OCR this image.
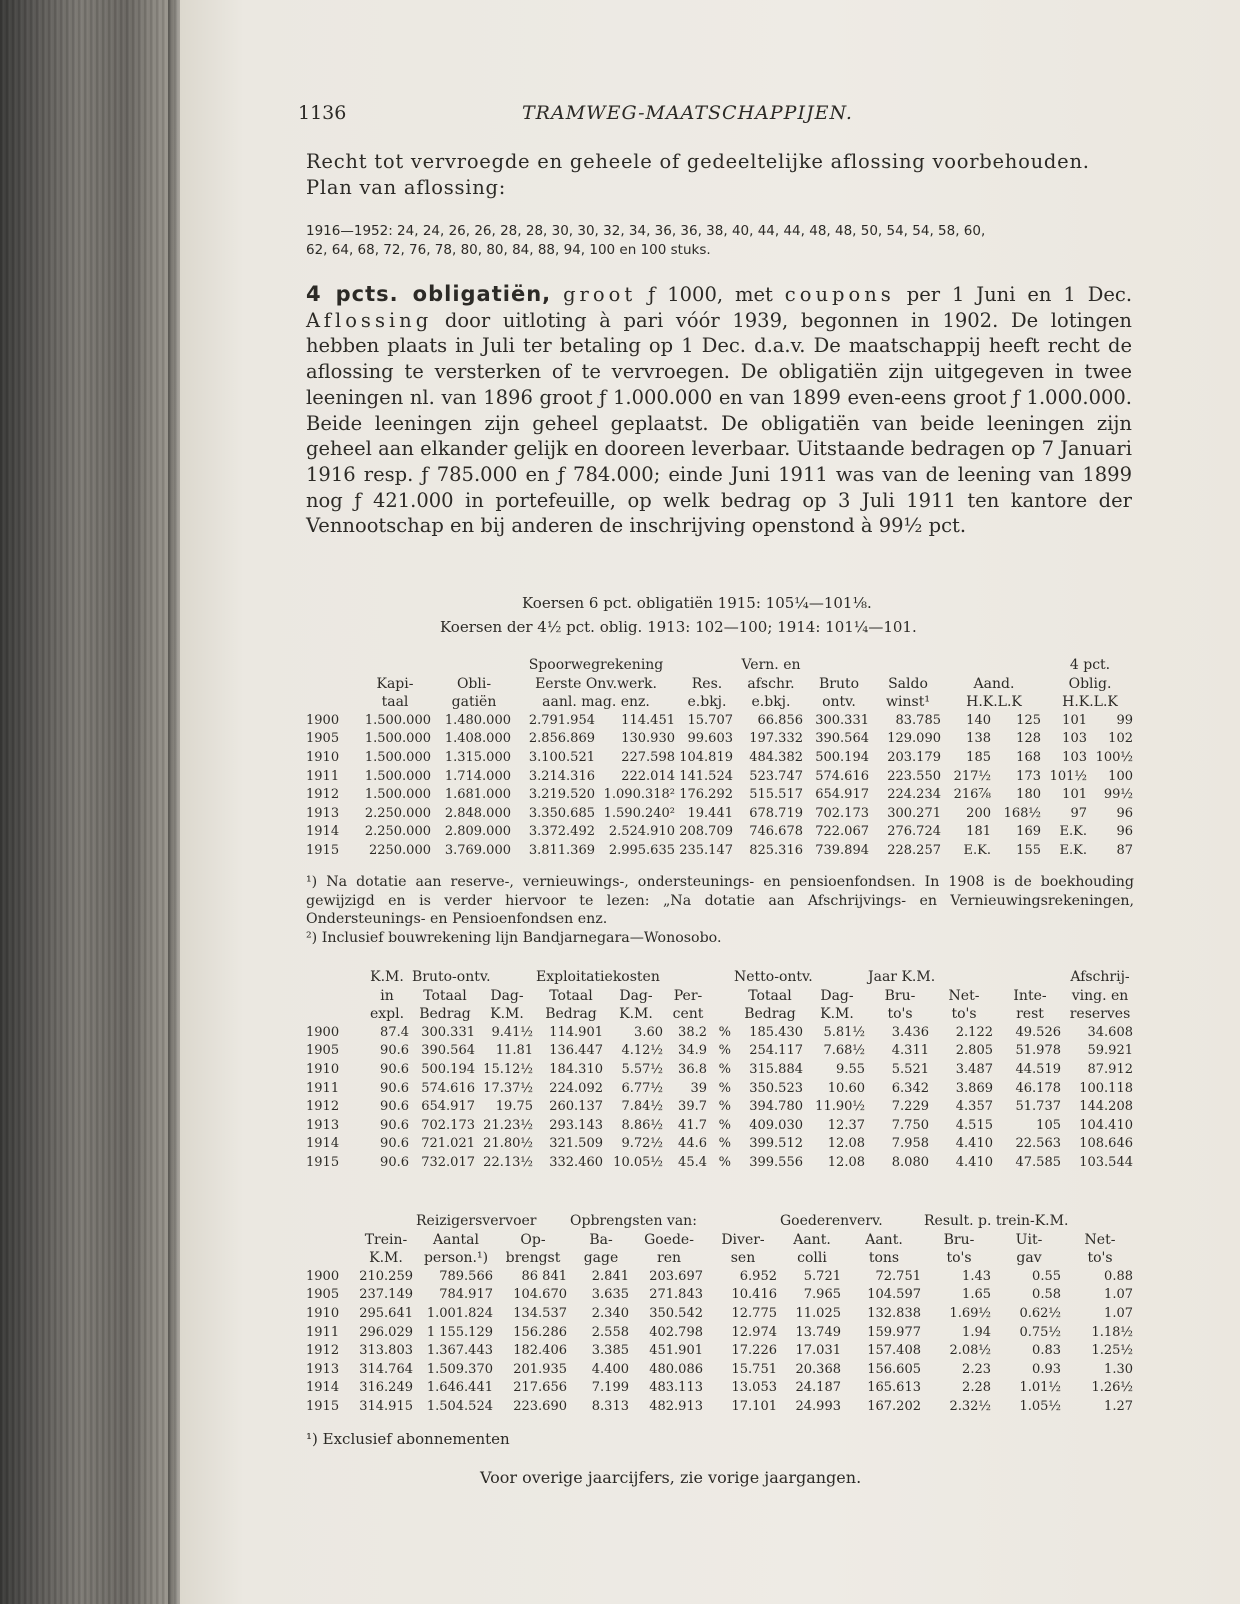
1136	TRAMWEG-MAATSCHAPPIJEN.
Recht tot vervroegde en geheele of gedeeltelijke aflossing voorbehouden.
Plan van aflossing:
1916—1952: 24, 24, 26, 26, 28, 28, 30, 30, 32, 34, 36, 36, 38, 40, 44, 44, 48, 48, 50, 54, 54, 58, 60,
62, 64, 68, 72, 76, 78, 80, 80, 84, 88, 94, 100 en 100 stuks.

4 pcts. obligatiën, groot ƒ 1000, met coupons per 1 Juni en 1 Dec. Aflossing door uitloting à pari vóór 1939, begonnen in 1902. De lotingen hebben plaats in Juli ter betaling op 1 Dec. d.a.v. De maatschappij heeft recht de aflossing te versterken of te vervroegen. De obligatiën zijn uitgegeven in twee leeningen nl. van 1896 groot ƒ 1.000.000 en van 1899 even-eens groot ƒ 1.000.000. Beide leeningen zijn geheel geplaatst. De obligatiën van beide leeningen zijn geheel aan elkander gelijk en dooreen leverbaar. Uitstaande bedragen op 7 Januari 1916 resp. ƒ 785.000 en ƒ 784.000; einde Juni 1911 was van de leening van 1899 nog ƒ 421.000 in portefeuille, op welk bedrag op 3 Juli 1911 ten kantore der Vennootschap en bij anderen de inschrijving openstond à 99½ pct.

Koersen 6 pct. obligatiën 1915: 105¼—101⅛.
Koersen der 4½ pct. oblig. 1913: 102—100; 1914: 101¼—101.
			Spoorwegrekening			Vern. en					4 pct.	
	Kapi-	Obli-	Eerste Onv.werk.		Res.	afschr.	Bruto	Saldo	Aand.		Oblig.	
	taal	gatiën	aanl. mag. enz.		e.bkj.	e.bkj.	ontv.	winst¹	H.K.L.K		H.K.L.K	
1900	1.500.000	1.480.000	2.791.954	114.451	15.707	66.856	300.331	83.785	140	125	101	99
1905	1.500.000	1.408.000	2.856.869	130.930	99.603	197.332	390.564	129.090	138	128	103	102
1910	1.500.000	1.315.000	3.100.521	227.598	104.819	484.382	500.194	203.179	185	168	103	100½
1911	1.500.000	1.714.000	3.214.316	222.014	141.524	523.747	574.616	223.550	217½	173	101½	100
1912	1.500.000	1.681.000	3.219.520	1.090.318²	176.292	515.517	654.917	224.234	216⅞	180	101	99½
1913	2.250.000	2.848.000	3.350.685	1.590.240²	19.441	678.719	702.173	300.271	200	168½	97	96
1914	2.250.000	2.809.000	3.372.492	2.524.910	208.709	746.678	722.067	276.724	181	169	E.K.	96
1915	2250.000	3.769.000	3.811.369	2.995.635	235.147	825.316	739.894	228.257	E.K.	155	E.K.	87

¹) Na dotatie aan reserve-, vernieuwings-, ondersteunings- en pensioenfondsen. In 1908 is de boekhouding gewijzigd en is verder hiervoor te lezen: „Na dotatie aan Afschrijvings- en Vernieuwingsrekeningen, Ondersteunings- en Pensioenfondsen enz.

²) Inclusief bouwrekening lijn Bandjarnegara—Wonosobo.

	K.M.	Bruto-ontv.		Exploitatiekosten				Netto-ontv.		Jaar K.M.			Afschrij-
	in	Totaal	Dag-	Totaal	Dag-	Per-		Totaal	Dag-	Bru-	Net-	Inte-	ving. en
	expl.	Bedrag	K.M.	Bedrag	K.M.	cent		Bedrag	K.M.	to's	to's	rest	reserves
1900	87.4	300.331	9.41½	114.901	3.60	38.2	%	185.430	5.81½	3.436	2.122	49.526	34.608
1905	90.6	390.564	11.81	136.447	4.12½	34.9	%	254.117	7.68½	4.311	2.805	51.978	59.921
1910	90.6	500.194	15.12½	184.310	5.57½	36.8	%	315.884	9.55	5.521	3.487	44.519	87.912
1911	90.6	574.616	17.37½	224.092	6.77½	39	%	350.523	10.60	6.342	3.869	46.178	100.118
1912	90.6	654.917	19.75	260.137	7.84½	39.7	%	394.780	11.90½	7.229	4.357	51.737	144.208
1913	90.6	702.173	21.23½	293.143	8.86½	41.7	%	409.030	12.37	7.750	4.515	105	104.410
1914	90.6	721.021	21.80½	321.509	9.72½	44.6	%	399.512	12.08	7.958	4.410	22.563	108.646
1915	90.6	732.017	22.13½	332.460	10.05½	45.4	%	399.556	12.08	8.080	4.410	47.585	103.544
		Reizigersvervoer		Opbrengsten van:			Goederenverv.		Result. p. trein-K.M.		
	Trein-	Aantal	Op-	Ba-	Goede-	Diver-	Aant.	Aant.	Bru-	Uit-	Net-
	K.M.	person.¹)	brengst	gage	ren	sen	colli	tons	to's	gav	to's
1900	210.259	789.566	86 841	2.841	203.697	6.952	5.721	72.751	1.43	0.55	0.88
1905	237.149	784.917	104.670	3.635	271.843	10.416	7.965	104.597	1.65	0.58	1.07
1910	295.641	1.001.824	134.537	2.340	350.542	12.775	11.025	132.838	1.69½	0.62½	1.07
1911	296.029	1 155.129	156.286	2.558	402.798	12.974	13.749	159.977	1.94	0.75½	1.18½
1912	313.803	1.367.443	182.406	3.385	451.901	17.226	17.031	157.408	2.08½	0.83	1.25½
1913	314.764	1.509.370	201.935	4.400	480.086	15.751	20.368	156.605	2.23	0.93	1.30
1914	316.249	1.646.441	217.656	7.199	483.113	13.053	24.187	165.613	2.28	1.01½	1.26½
1915	314.915	1.504.524	223.690	8.313	482.913	17.101	24.993	167.202	2.32½	1.05½	1.27
¹) Exclusief abonnementen
Voor overige jaarcijfers, zie vorige jaargangen.
